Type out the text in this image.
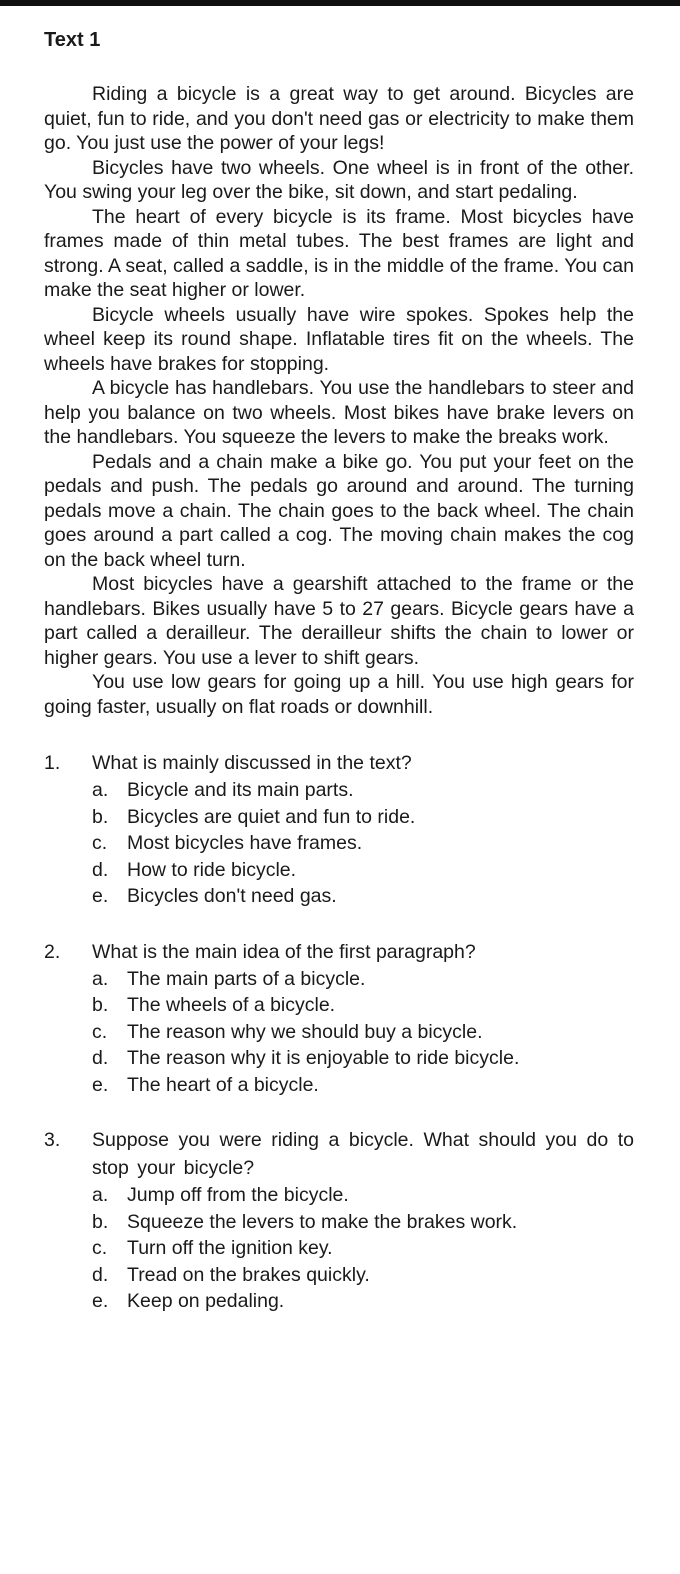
Text 1

Riding a bicycle is a great way to get around. Bicycles are quiet, fun to ride, and you don't need gas or electricity to make them go. You just use the power of your legs!

Bicycles have two wheels. One wheel is in front of the other. You swing your leg over the bike, sit down, and start pedaling.

The heart of every bicycle is its frame. Most bicycles have frames made of thin metal tubes. The best frames are light and strong. A seat, called a saddle, is in the middle of the frame. You can make the seat higher or lower.

Bicycle wheels usually have wire spokes. Spokes help the wheel keep its round shape. Inflatable tires fit on the wheels. The wheels have brakes for stopping.

A bicycle has handlebars. You use the handlebars to steer and help you balance on two wheels. Most bikes have brake levers on the handlebars. You squeeze the levers to make the breaks work.

Pedals and a chain make a bike go. You put your feet on the pedals and push. The pedals go around and around. The turning pedals move a chain. The chain goes to the back wheel. The chain goes around a part called a cog. The moving chain makes the cog on the back wheel turn.

Most bicycles have a gearshift attached to the frame or the handlebars. Bikes usually have 5 to 27 gears. Bicycle gears have a part called a derailleur. The derailleur shifts the chain to lower or higher gears. You use a lever to shift gears.

You use low gears for going up a hill. You use high gears for going faster, usually on flat roads or downhill.

1.	What is mainly discussed in the text?
a. Bicycle and its main parts.
b. Bicycles are quiet and fun to ride.
c.	Most bicycles have frames.
d. How to ride bicycle.
e. Bicycles don't need gas.
2.	What is the main idea of the first paragraph?
a. The main parts of a bicycle.
b. The wheels of a bicycle.
c.	The reason why we should buy a bicycle.
d. The reason why it is enjoyable to ride bicycle.
e. The heart of a bicycle.
3.	Suppose you were riding a bicycle. What should you do to stop your bicycle?
a. Jump off from the bicycle.
b. Squeeze the levers to make the brakes work.
c.	Turn off the ignition key.
d. Tread on the brakes quickly.
e. Keep on pedaling.
